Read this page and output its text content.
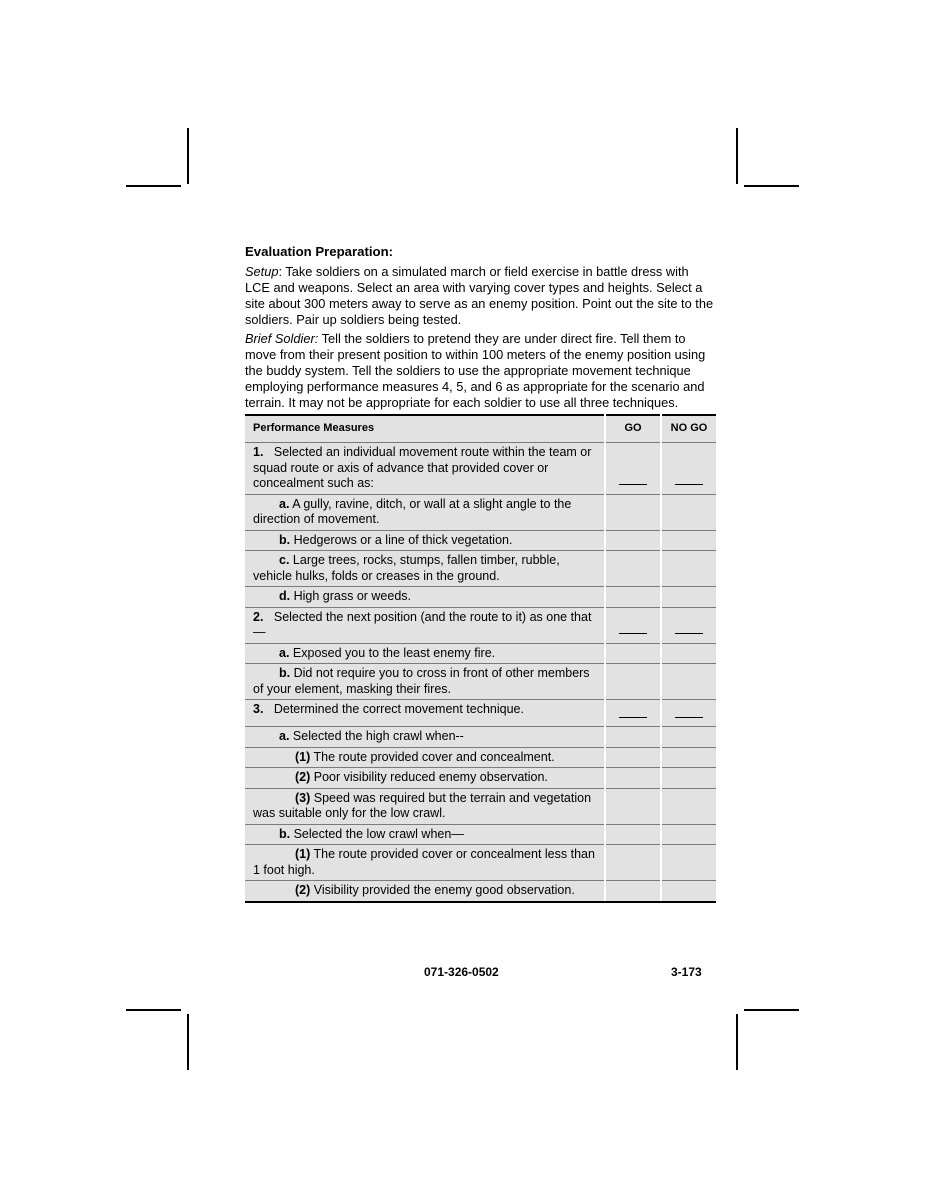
Evaluation Preparation:

Setup: Take soldiers on a simulated march or field exercise in battle dress with LCE and weapons. Select an area with varying cover types and heights. Select a site about 300 meters away to serve as an enemy position. Point out the site to the soldiers. Pair up soldiers being tested.

Brief Soldier: Tell the soldiers to pretend they are under direct fire. Tell them to move from their present position to within 100 meters of the enemy position using the buddy system. Tell the soldiers to use the appropriate movement technique employing performance measures 4, 5, and 6 as appropriate for the scenario and terrain. It may not be appropriate for each soldier to use all three techniques.

Performance Measures	GO	NO GO
1. Selected an individual movement route within the team or squad route or axis of advance that provided cover or concealment such as:		
a. A gully, ravine, ditch, or wall at a slight angle to the direction of movement.		
b. Hedgerows or a line of thick vegetation.		
c. Large trees, rocks, stumps, fallen timber, rubble, vehicle hulks, folds or creases in the ground.		
d. High grass or weeds.		
2. Selected the next position (and the route to it) as one that—		
a. Exposed you to the least enemy fire.		
b. Did not require you to cross in front of other members of your element, masking their fires.		
3. Determined the correct movement technique.		
a. Selected the high crawl when--		
(1) The route provided cover and concealment.		
(2) Poor visibility reduced enemy observation.		
(3) Speed was required but the terrain and vegetation was suitable only for the low crawl.		
b. Selected the low crawl when—		
(1) The route provided cover or concealment less than 1 foot high.		
(2) Visibility provided the enemy good observation.		
071-326-0502	3-173
